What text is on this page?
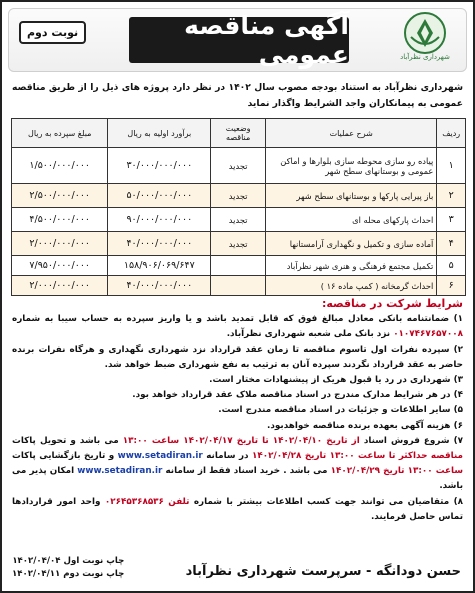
شهرداری نظرآباد
آگهی مناقصه عمومی
نوبت دوم
شهرداری نظرآباد به استناد بودجه مصوب سال ۱۴۰۲ در نظر دارد پروژه های ذیل را از طریق مناقصه عمومی به پیمانکاران واجد الشرایط واگذار نماید
ردیف	شرح عملیات	وضعیت مناقصه	برآورد اولیه به ریال	مبلغ سپرده به ریال
۱	پیاده رو سازی محوطه سازی بلوارها و اماکن عمومی و بوستانهای سطح شهر	تجدید	۳۰/۰۰۰/۰۰۰/۰۰۰	۱/۵۰۰/۰۰۰/۰۰۰
۲	باز پیرایی پارکها و بوستانهای سطح شهر	تجدید	۵۰/۰۰۰/۰۰۰/۰۰۰	۲/۵۰۰/۰۰۰/۰۰۰
۳	احداث پارکهای محله ای	تجدید	۹۰/۰۰۰/۰۰۰/۰۰۰	۴/۵۰۰/۰۰۰/۰۰۰
۴	آماده سازی و تکمیل و نگهداری آرامستانها	تجدید	۴۰/۰۰۰/۰۰۰/۰۰۰	۲/۰۰۰/۰۰۰/۰۰۰
۵	تکمیل مجتمع فرهنگی و هنری شهر نظرآباد		۱۵۸/۹۰۶/۰۶۹/۶۴۷	۷/۹۵۰/۰۰۰/۰۰۰
۶	احداث گرمخانه ( کمپ ماده ۱۶ )		۴۰/۰۰۰/۰۰۰/۰۰۰	۲/۰۰۰/۰۰۰/۰۰۰
شرایط شرکت در مناقصه:

۱) ضمانتنامه بانکی معادل مبالغ فوق که قابل تمدید باشد و یا واریز سپرده به حساب سیبا به شماره ۰۱۰۷۴۶۷۶۵۷۰۰۸ نزد بانک ملی شعبه شهرداری نظرآباد.

۲) سپرده نفرات اول تاسوم مناقصه تا زمان عقد قرارداد نزد شهرداری نگهداری و هرگاه نفرات برنده حاضر به عقد قرارداد نگردند سپرده آنان به ترتیب به نفع شهرداری ضبط خواهد شد.

۳) شهرداری در رد یا قبول هریک از پیشنهادات مختار است.

۴) در هر شرایط مدارک مندرج در اسناد مناقصه ملاک عقد قرارداد خواهد بود.

۵) سایر اطلاعات و جزئیات در اسناد مناقصه مندرج است.

۶) هزینه آگهی بعهده برنده مناقصه خواهدبود.

۷) شروع فروش اسناد از تاریخ ۱۴۰۲/۰۴/۱۰ تا تاریخ ۱۴۰۲/۰۴/۱۷ ساعت ۱۳:۰۰ می باشد و تحویل پاکات مناقصه حداکثر تا ساعت ۱۳:۰۰ تاریخ ۱۴۰۲/۰۴/۲۸ در سامانه www.setadiran.ir و تاریخ بازگشایی پاکات ساعت ۱۳:۰۰ تاریخ ۱۴۰۲/۰۴/۲۹ می باشد . خرید اسناد فقط از سامانه www.setadiran.ir امکان پذیر می باشد.

۸) متقاضیان می توانند جهت کسب اطلاعات بیشتر با شماره تلفن ۰۲۶۴۵۳۶۸۵۳۶ واحد امور قراردادها تماس حاصل فرمایند.

چاپ نوبت اول ۱۴۰۲/۰۴/۰۴
چاپ نوبت دوم ۱۴۰۲/۰۴/۱۱	حسن دودانگه - سرپرست شهرداری نظرآباد
